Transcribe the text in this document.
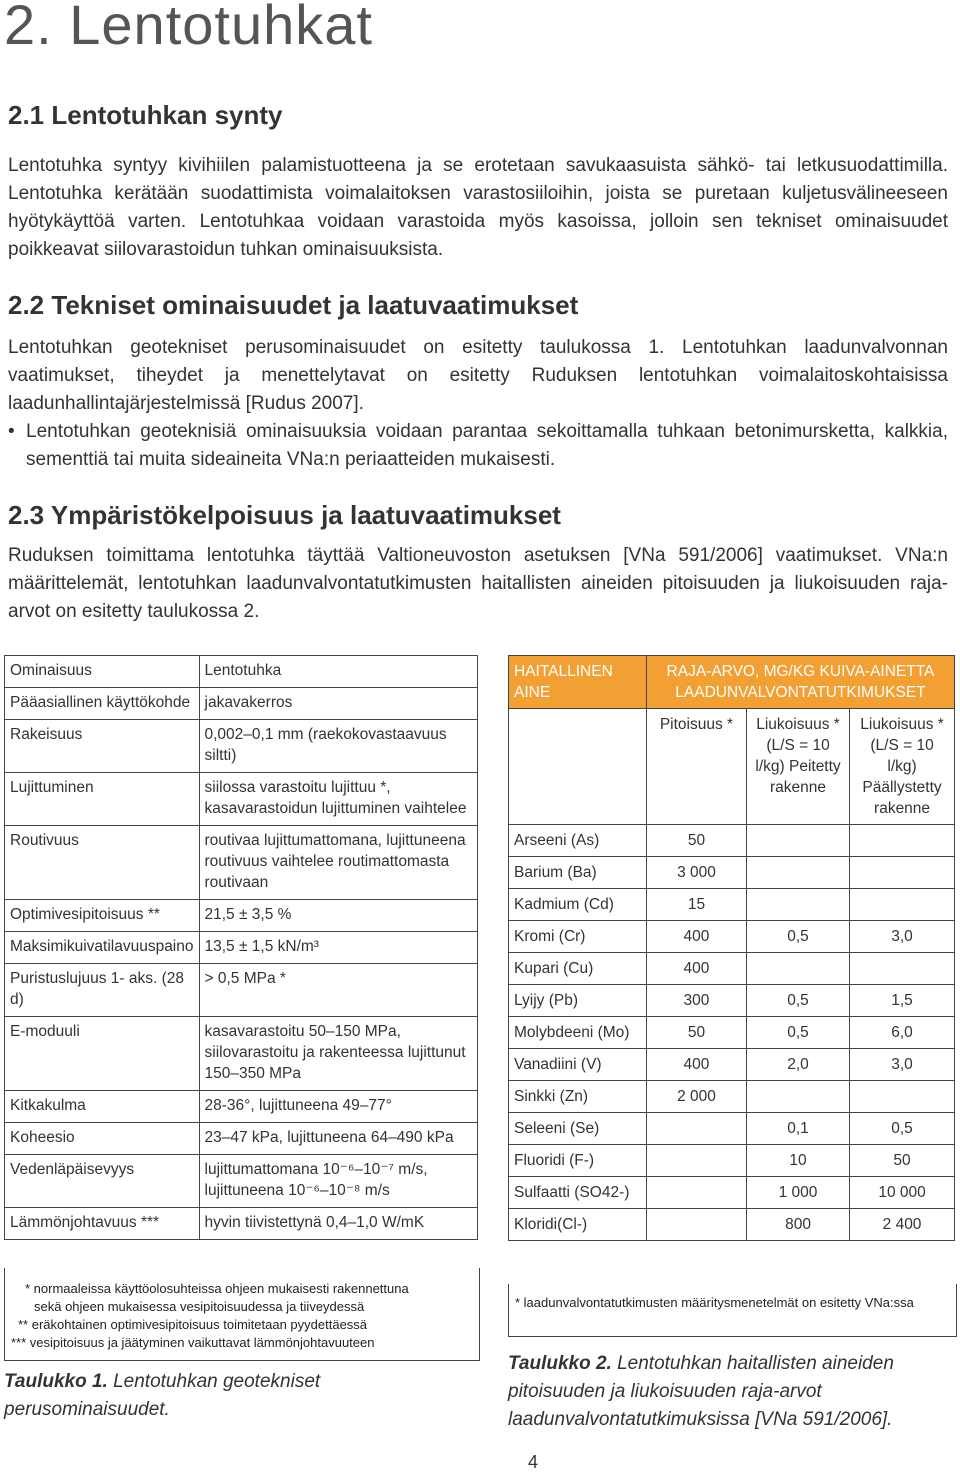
2. Lentotuhkat
2.1 Lentotuhkan synty

Lentotuhka syntyy kivihiilen palamistuotteena ja se erotetaan savukaasuista sähkö- tai letkusuodattimilla. Lentotuhka kerätään suodattimista voimalaitoksen varastosiiloihin, joista se puretaan kuljetusvälineeseen hyötykäyttöä varten. Lentotuhkaa voidaan varastoida myös kasoissa, jolloin sen tekniset ominaisuudet poikkeavat siilovarastoidun tuhkan ominaisuuksista.

2.2 Tekniset ominaisuudet ja laatuvaatimukset

Lentotuhkan geotekniset perusominaisuudet on esitetty taulukossa 1. Lentotuhkan laadunvalvonnan vaatimukset, tiheydet ja menettelytavat on esitetty Ruduksen lentotuhkan voimalaitoskohtaisissa laadunhallintajärjestelmissä [Rudus 2007].

• Lentotuhkan geoteknisiä ominaisuuksia voidaan parantaa sekoittamalla tuhkaan betonimursketta, kalkkia, sementtiä tai muita sideaineita VNa:n periaatteiden mukaisesti.
2.3 Ympäristökelpoisuus ja laatuvaatimukset

Ruduksen toimittama lentotuhka täyttää Valtioneuvoston asetuksen [VNa 591/2006] vaatimukset. VNa:n määrittelemät, lentotuhkan laadunvalvontatutkimusten haitallisten aineiden pitoisuuden ja liukoisuuden raja-arvot on esitetty taulukossa 2.

Ominaisuus	Lentotuhka
Pääasiallinen käyttökohde	jakavakerros
Rakeisuus	0,002–0,1 mm (raekokovastaavuus siltti)
Lujittuminen	siilossa varastoitu lujittuu *, kasavarastoidun lujittuminen vaihtelee
Routivuus	routivaa lujittumattomana, lujittuneena routivuus vaihtelee routimattomasta routivaan
Optimivesipitoisuus **	21,5 ± 3,5 %
Maksimikuivatilavuuspaino	13,5 ± 1,5 kN/m³
Puristuslujuus 1- aks. (28 d)	> 0,5 MPa *
E-moduuli	kasavarastoitu 50–150 MPa, siilovarastoitu ja rakenteessa lujittunut 150–350 MPa
Kitkakulma	28-36°, lujittuneena 49–77°
Koheesio	23–47 kPa, lujittuneena 64–490 kPa
Vedenläpäisevyys	lujittumattomana 10⁻⁶–10⁻⁷ m/s, lujittuneena 10⁻⁶–10⁻⁸ m/s
Lämmönjohtavuus ***	hyvin tiivistettynä 0,4–1,0 W/mK
* normaaleissa käyttöolosuhteissa ohjeen mukaisesti rakennettuna
sekä ohjeen mukaisessa vesipitoisuudessa ja tiiveydessä
** eräkohtainen optimivesipitoisuus toimitetaan pyydettäessä
*** vesipitoisuus ja jäätyminen vaikuttavat lämmönjohtavuuteen
Taulukko 1. Lentotuhkan geotekniset perusominaisuudet.
HAITALLINEN AINE	RAJA-ARVO, MG/KG KUIVA-AINETTA LAADUNVALVONTATUTKIMUKSET		

	Pitoisuus *	Liukoisuus * (L/S = 10 l/kg) Peitetty rakenne	Liukoisuus * (L/S = 10 l/kg) Päällystetty rakenne
Arseeni (As)	50		
Barium (Ba)	3 000		
Kadmium (Cd)	15		
Kromi (Cr)	400	0,5	3,0
Kupari (Cu)	400		
Lyijy (Pb)	300	0,5	1,5
Molybdeeni (Mo)	50	0,5	6,0
Vanadiini (V)	400	2,0	3,0
Sinkki (Zn)	2 000		
Seleeni (Se)		0,1	0,5
Fluoridi (F-)		10	50
Sulfaatti (SO42-)		1 000	10 000
Kloridi(Cl-)		800	2 400
* laadunvalvontatutkimusten määritysmenetelmät on esitetty VNa:ssa
Taulukko 2. Lentotuhkan haitallisten aineiden pitoisuuden ja liukoisuuden raja-arvot laadunvalvontatutkimuksissa [VNa 591/2006].
4
